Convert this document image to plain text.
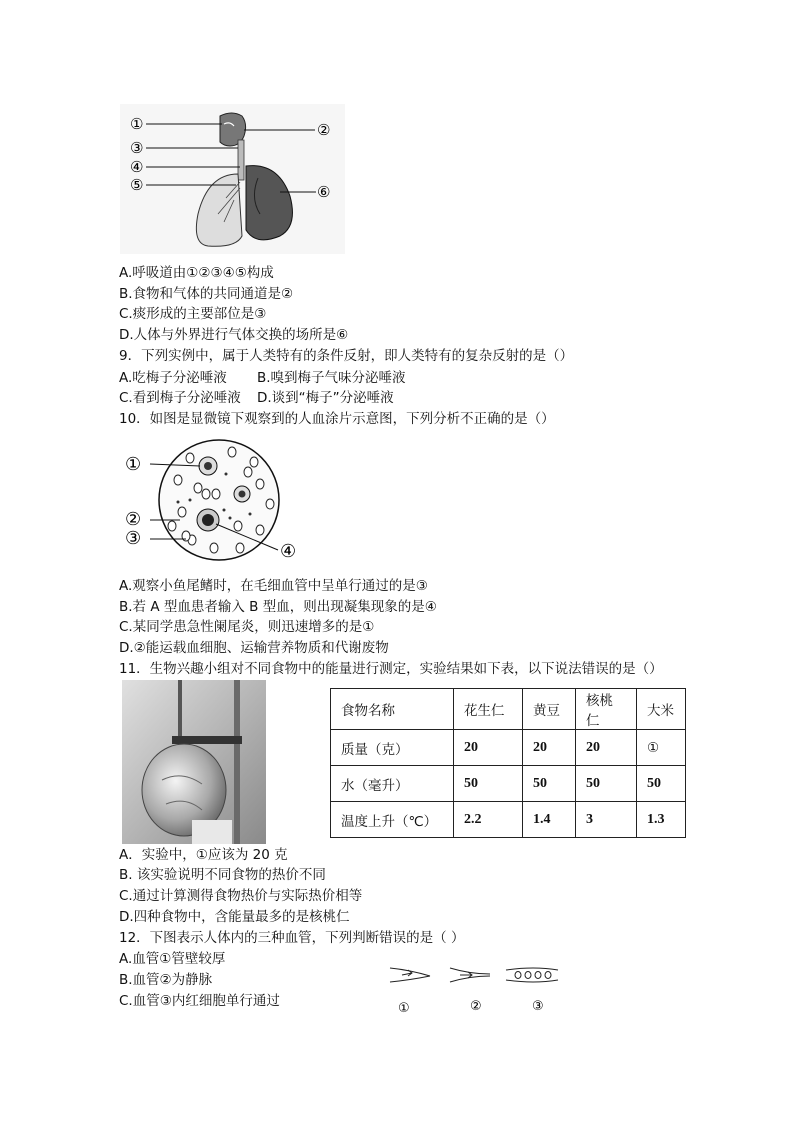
①	②
③
④
⑤	⑥
A.呼吸道由①②③④⑤构成
B.食物和气体的共同通道是②
C.痰形成的主要部位是③
D.人体与外界进行气体交换的场所是⑥
9．下列实例中，属于人类特有的条件反射，即人类特有的复杂反射的是（）
A.吃梅子分泌唾液 B.嗅到梅子气味分泌唾液
C.看到梅子分泌唾液 D.谈到“梅子”分泌唾液
10．如图是显微镜下观察到的人血涂片示意图，下列分析不正确的是（）
①
②
③
④
A.观察小鱼尾鳍时，在毛细血管中呈单行通过的是③
B.若 A 型血患者输入 B 型血，则出现凝集现象的是④
C.某同学患急性阑尾炎，则迅速增多的是①
D.②能运载血细胞、运输营养物质和代谢废物
11．生物兴趣小组对不同食物中的能量进行测定，实验结果如下表，以下说法错误的是（）
食物名称	花生仁	黄豆	核桃仁	大米
质量（克）	20	20	20	①
水（毫升）	50	50	50	50
温度上升（℃）	2.2	1.4	3	1.3
A．实验中，①应该为 20 克
B. 该实验说明不同食物的热价不同
C.通过计算测得食物热价与实际热价相等
D.四种食物中，含能量最多的是核桃仁
12．下图表示人体内的三种血管，下列判断错误的是（ ）
A.血管①管壁较厚
B.血管②为静脉
C.血管③内红细胞单行通过	①	②	③
